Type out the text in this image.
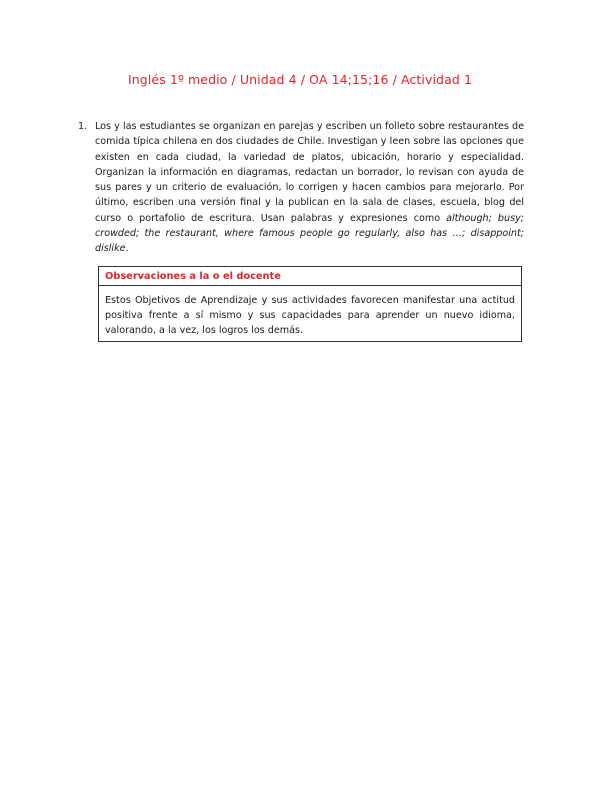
Inglés 1º medio / Unidad 4 / OA 14;15;16 / Actividad 1
1. Los y las estudiantes se organizan en parejas y escriben un folleto sobre restaurantes de comida típica chilena en dos ciudades de Chile. Investigan y leen sobre las opciones que existen en cada ciudad, la variedad de platos, ubicación, horario y especialidad. Organizan la información en diagramas, redactan un borrador, lo revisan con ayuda de sus pares y un criterio de evaluación, lo corrigen y hacen cambios para mejorarlo. Por último, escriben una versión final y la publican en la sala de clases, escuela, blog del curso o portafolio de escritura. Usan palabras y expresiones como although; busy; crowded; the restaurant, where famous people go regularly, also has …; disappoint; dislike.
Observaciones a la o el docente
Estos Objetivos de Aprendizaje y sus actividades favorecen manifestar una actitud positiva frente a sí mismo y sus capacidades para aprender un nuevo idioma, valorando, a la vez, los logros los demás.
